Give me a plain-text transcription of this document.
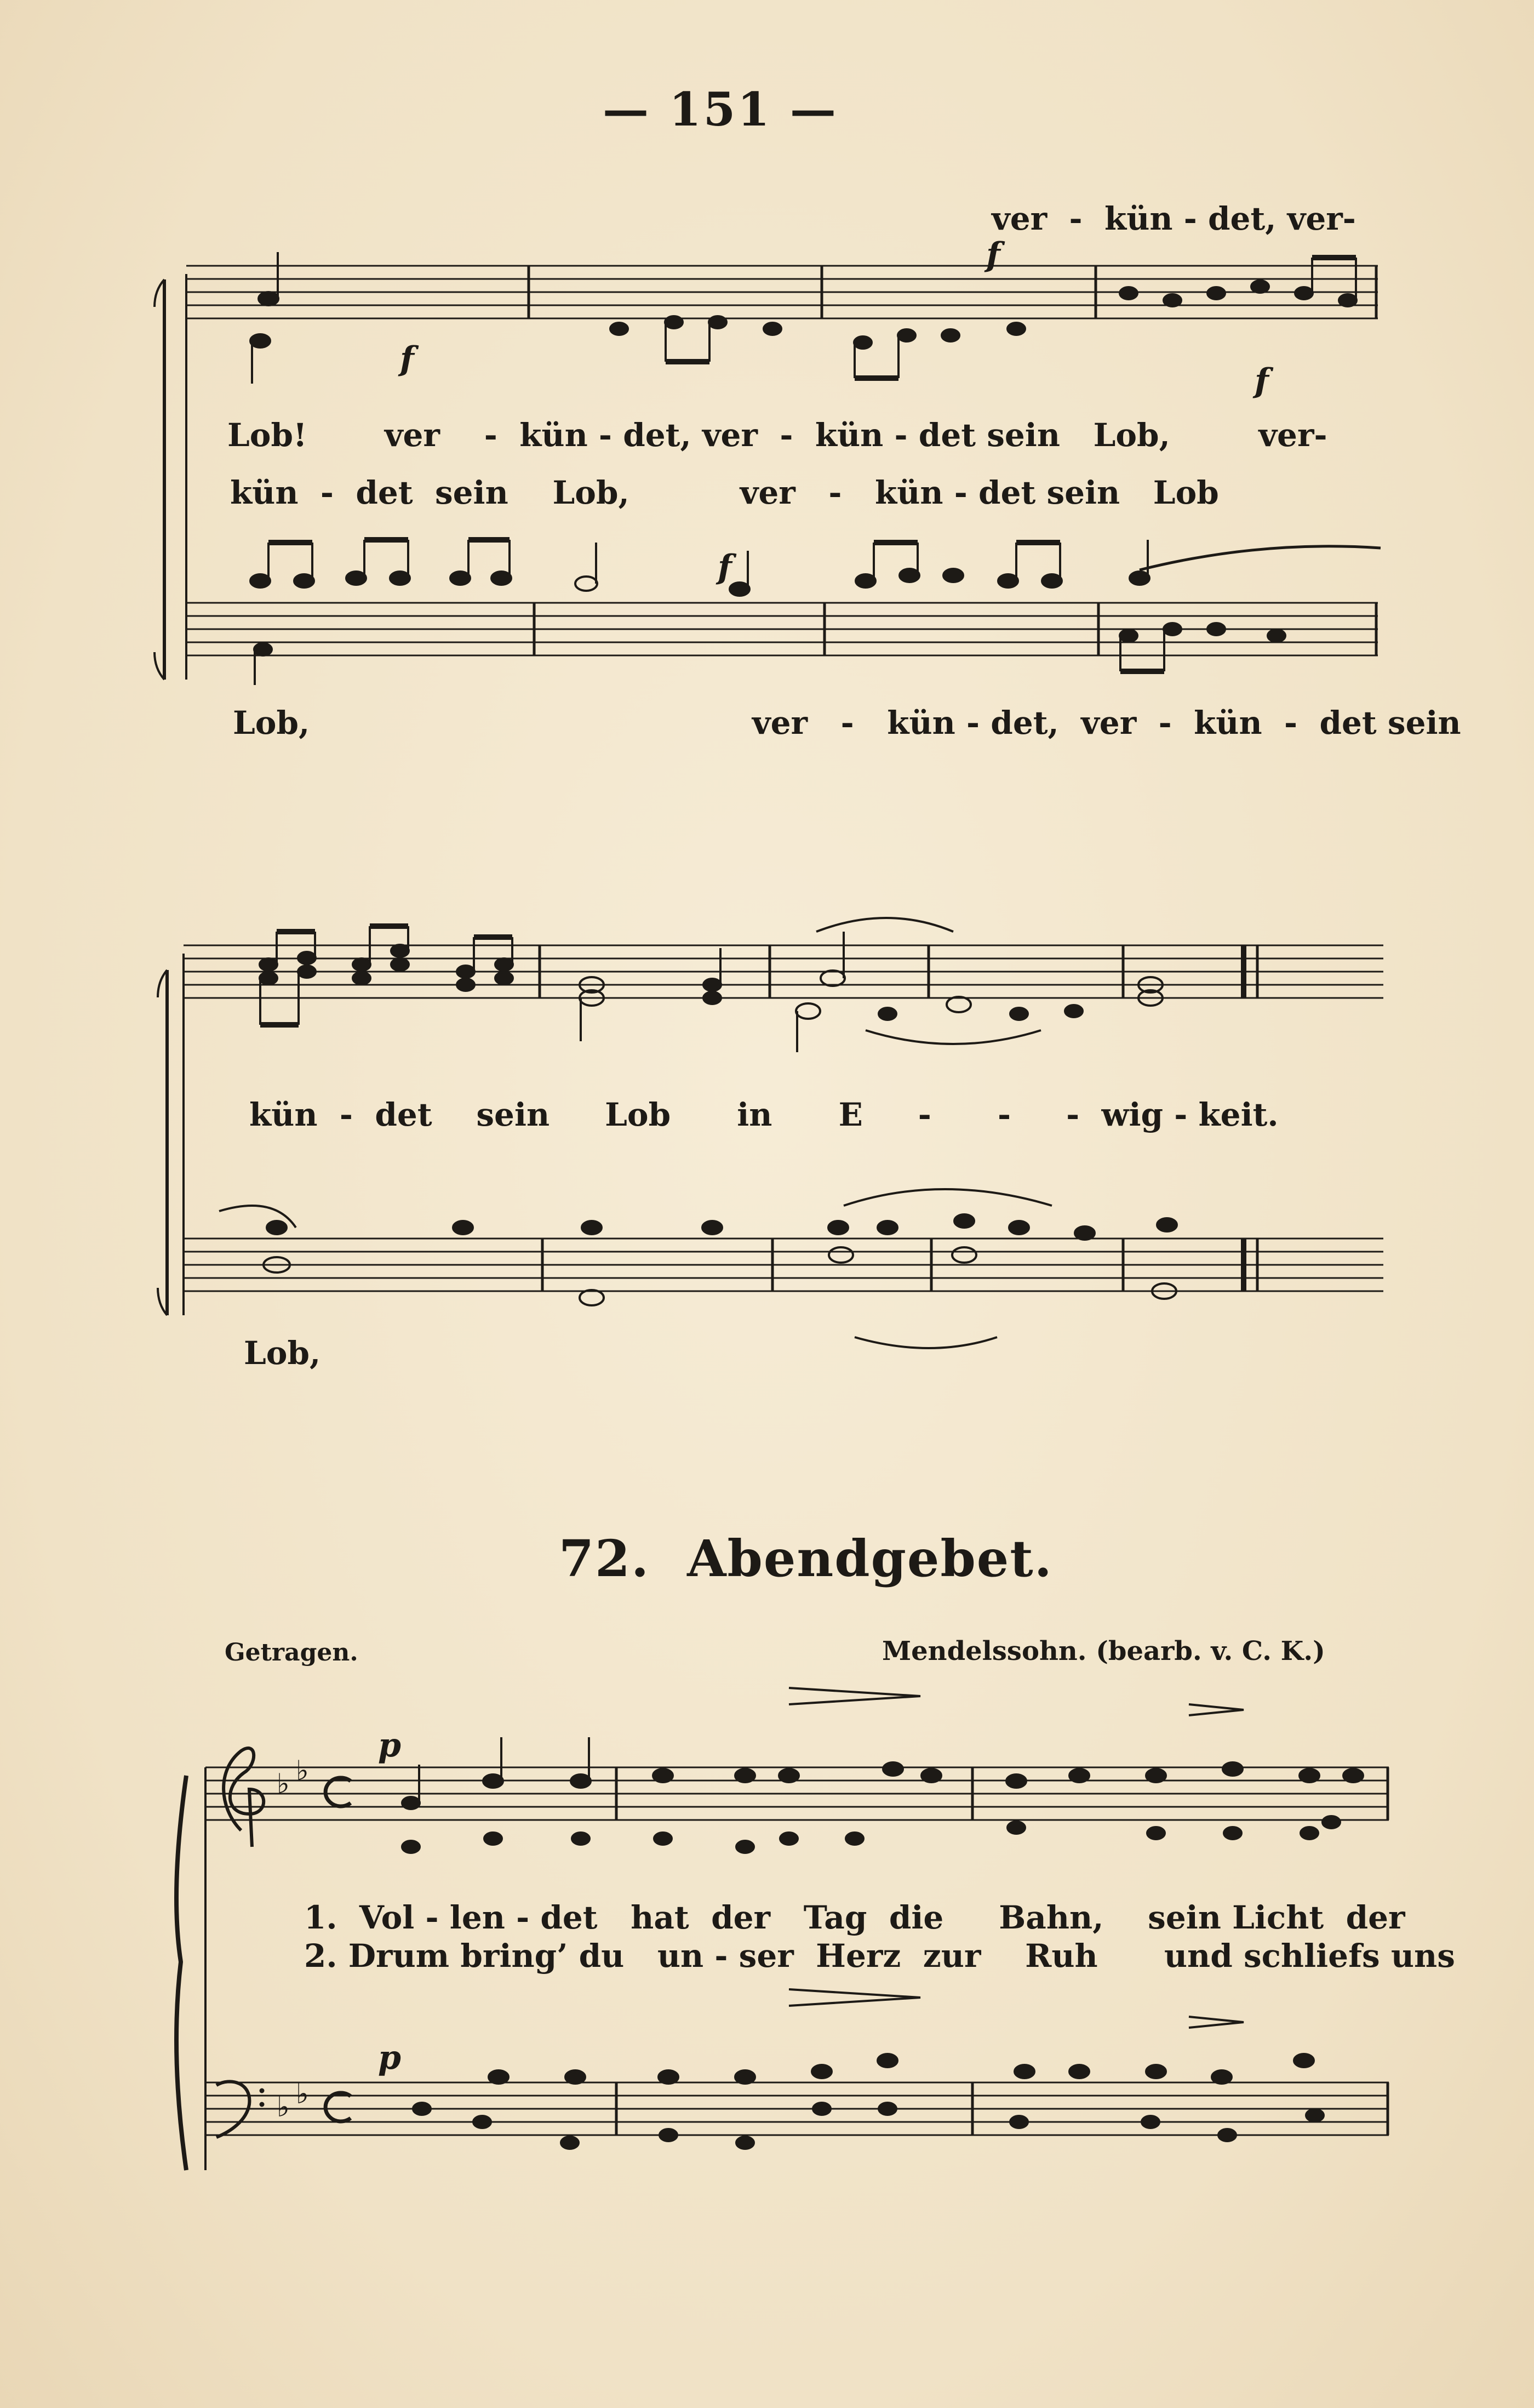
— 151 —
♭ ♭
♭ ♭
f
f
f
f
ver  -  kün - det, ver-
Lob!       ver    -  kün - det, ver  -  kün - det sein   Lob,        ver-
kün  -  det  sein    Lob,          ver   -   kün - det sein   Lob
Lob,                                        ver   -   kün - det,  ver  -  kün  -  det sein
kün  -  det    sein     Lob      in      E     -      -     -  wig - keit.
Lob,
72. Abendgebet.
Getragen.	Mendelssohn. (bearb. v. C. K.)
p
p
1.  Vol - len - det   hat  der   Tag  die     Bahn,    sein Licht  der
2. Drum bring’ du   un - ser  Herz  zur    Ruh      und schliefs uns
